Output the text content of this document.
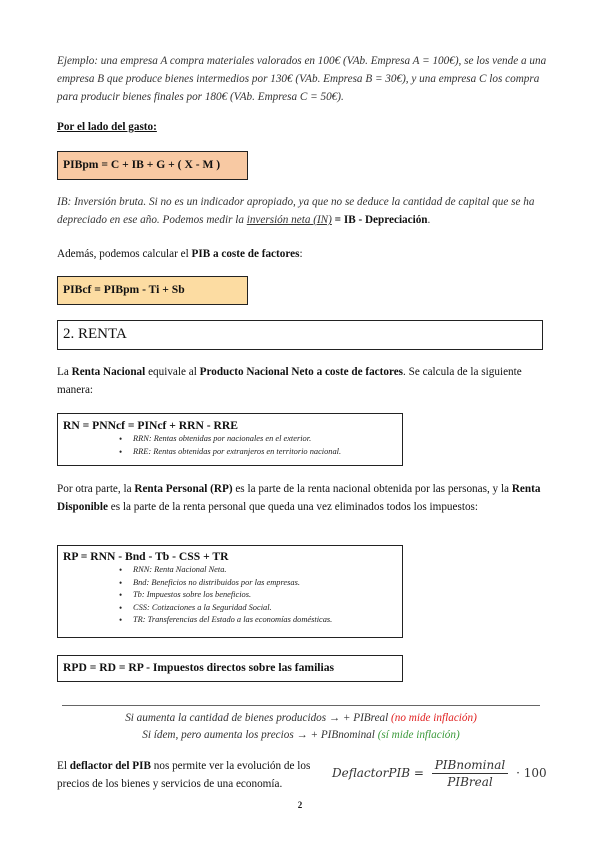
Ejemplo: una empresa A compra materiales valorados en 100€ (VAb. Empresa A = 100€), se los vende a una empresa B que produce bienes intermedios por 130€ (VAb. Empresa B = 30€), y una empresa C los compra para producir bienes finales por 180€ (VAb. Empresa C = 50€).
Por el lado del gasto:
PIBpm = C + IB + G + ( X - M )
IB: Inversión bruta. Si no es un indicador apropiado, ya que no se deduce la cantidad de capital que se ha depreciado en ese año. Podemos medir la inversión neta (IN) = IB - Depreciación.
Además, podemos calcular el PIB a coste de factores:
PIBcf = PIBpm - Ti + Sb
2. RENTA
La Renta Nacional equivale al Producto Nacional Neto a coste de factores. Se calcula de la siguiente manera:
RN = PNNcf = PINcf + RRN - RRE
• RRN: Rentas obtenidas por nacionales en el exterior.
• RRE: Rentas obtenidas por extranjeros en territorio nacional.
Por otra parte, la Renta Personal (RP) es la parte de la renta nacional obtenida por las personas, y la Renta Disponible es la parte de la renta personal que queda una vez eliminados todos los impuestos:
RP = RNN - Bnd - Tb - CSS + TR
• RNN: Renta Nacional Neta.
• Bnd: Beneficios no distribuidos por las empresas.
• Tb: Impuestos sobre los beneficios.
• CSS: Cotizaciones a la Seguridad Social.
• TR: Transferencias del Estado a las economías domésticas.
RPD = RD = RP - Impuestos directos sobre las familias
Si aumenta la cantidad de bienes producidos → + PIBreal (no mide inflación)
Si ídem, pero aumenta los precios → + PIBnominal (sí mide inflación)
El deflactor del PIB nos permite ver la evolución de los precios de los bienes y servicios de una economía.
DeflactorPIB = $\frac{\text{PIBnominal}}{\text{PIBreal}} \cdot 100$
2
